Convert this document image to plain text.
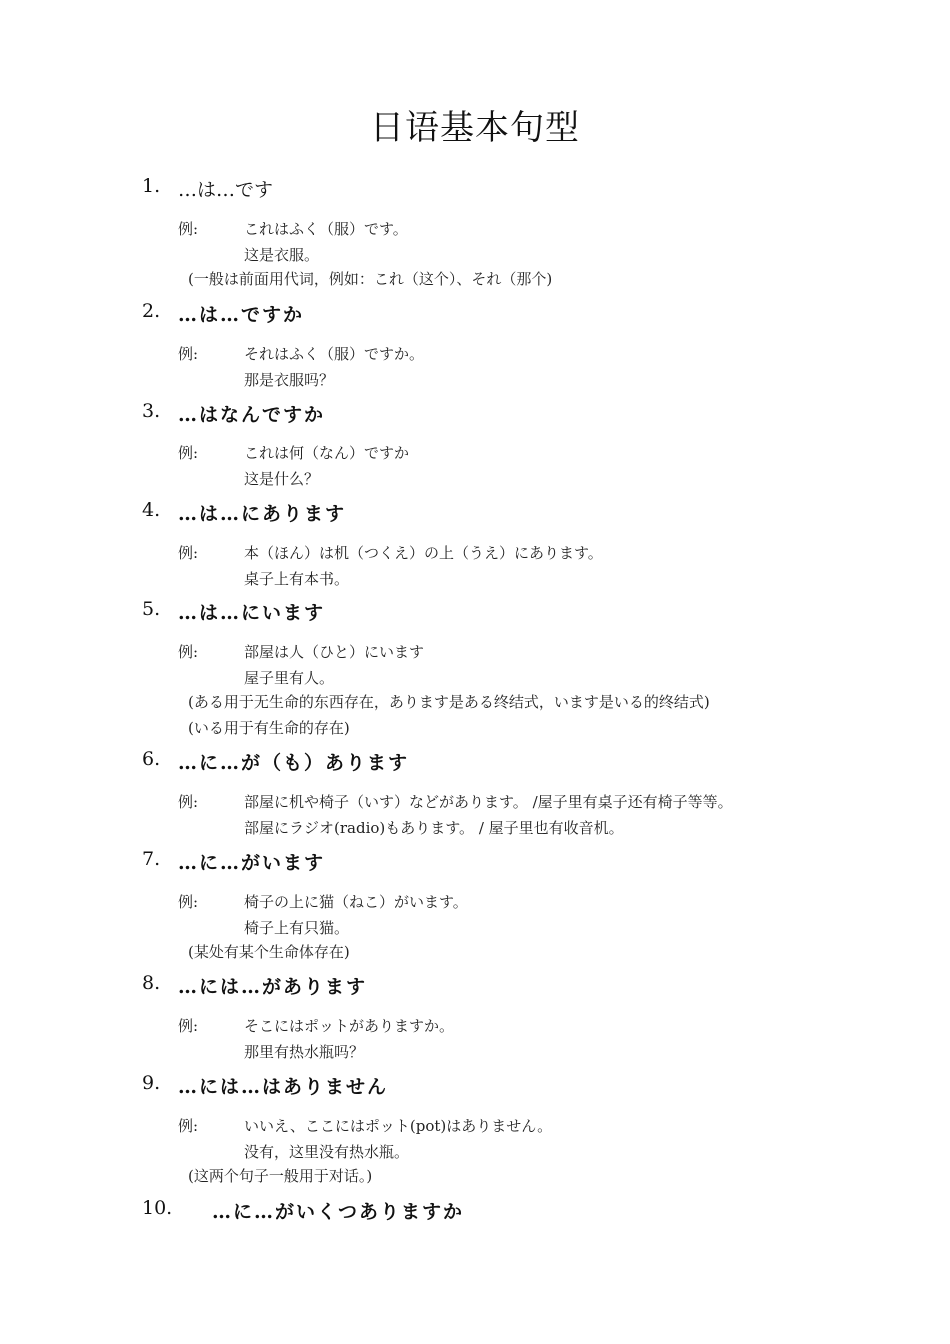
日语基本句型
1. …は…です
例:	これはふく（服）です。
这是衣服。
(一般は前面用代词，例如：これ（这个）、それ（那个)
2. …は…ですか
例:	それはふく（服）ですか。
那是衣服吗？
3. …はなんですか
例:	これは何（なん）ですか
这是什么？
4. …は…にあります
例:	本（ほん）は机（つくえ）の上（うえ）にあります。
桌子上有本书。
5. …は…にいます
例:	部屋は人（ひと）にいます
屋子里有人。
(ある用于无生命的东西存在，あります是ある终结式，います是いる的终结式)
(いる用于有生命的存在)
6. …に…が（も）あります
例:	部屋に机や椅子（いす）などがあります。 /屋子里有桌子还有椅子等等。
部屋にラジオ(radio)もあります。 / 屋子里也有收音机。
7. …に…がいます
例:	椅子の上に猫（ねこ）がいます。
椅子上有只猫。
(某处有某个生命体存在)
8. …には…があります
例:	そこにはポットがありますか。
那里有热水瓶吗？
9. …には…はありません
例:	いいえ、ここにはポット(pot)はありません。
没有，这里没有热水瓶。
(这两个句子一般用于对话。)
10. …に…がいくつありますか
